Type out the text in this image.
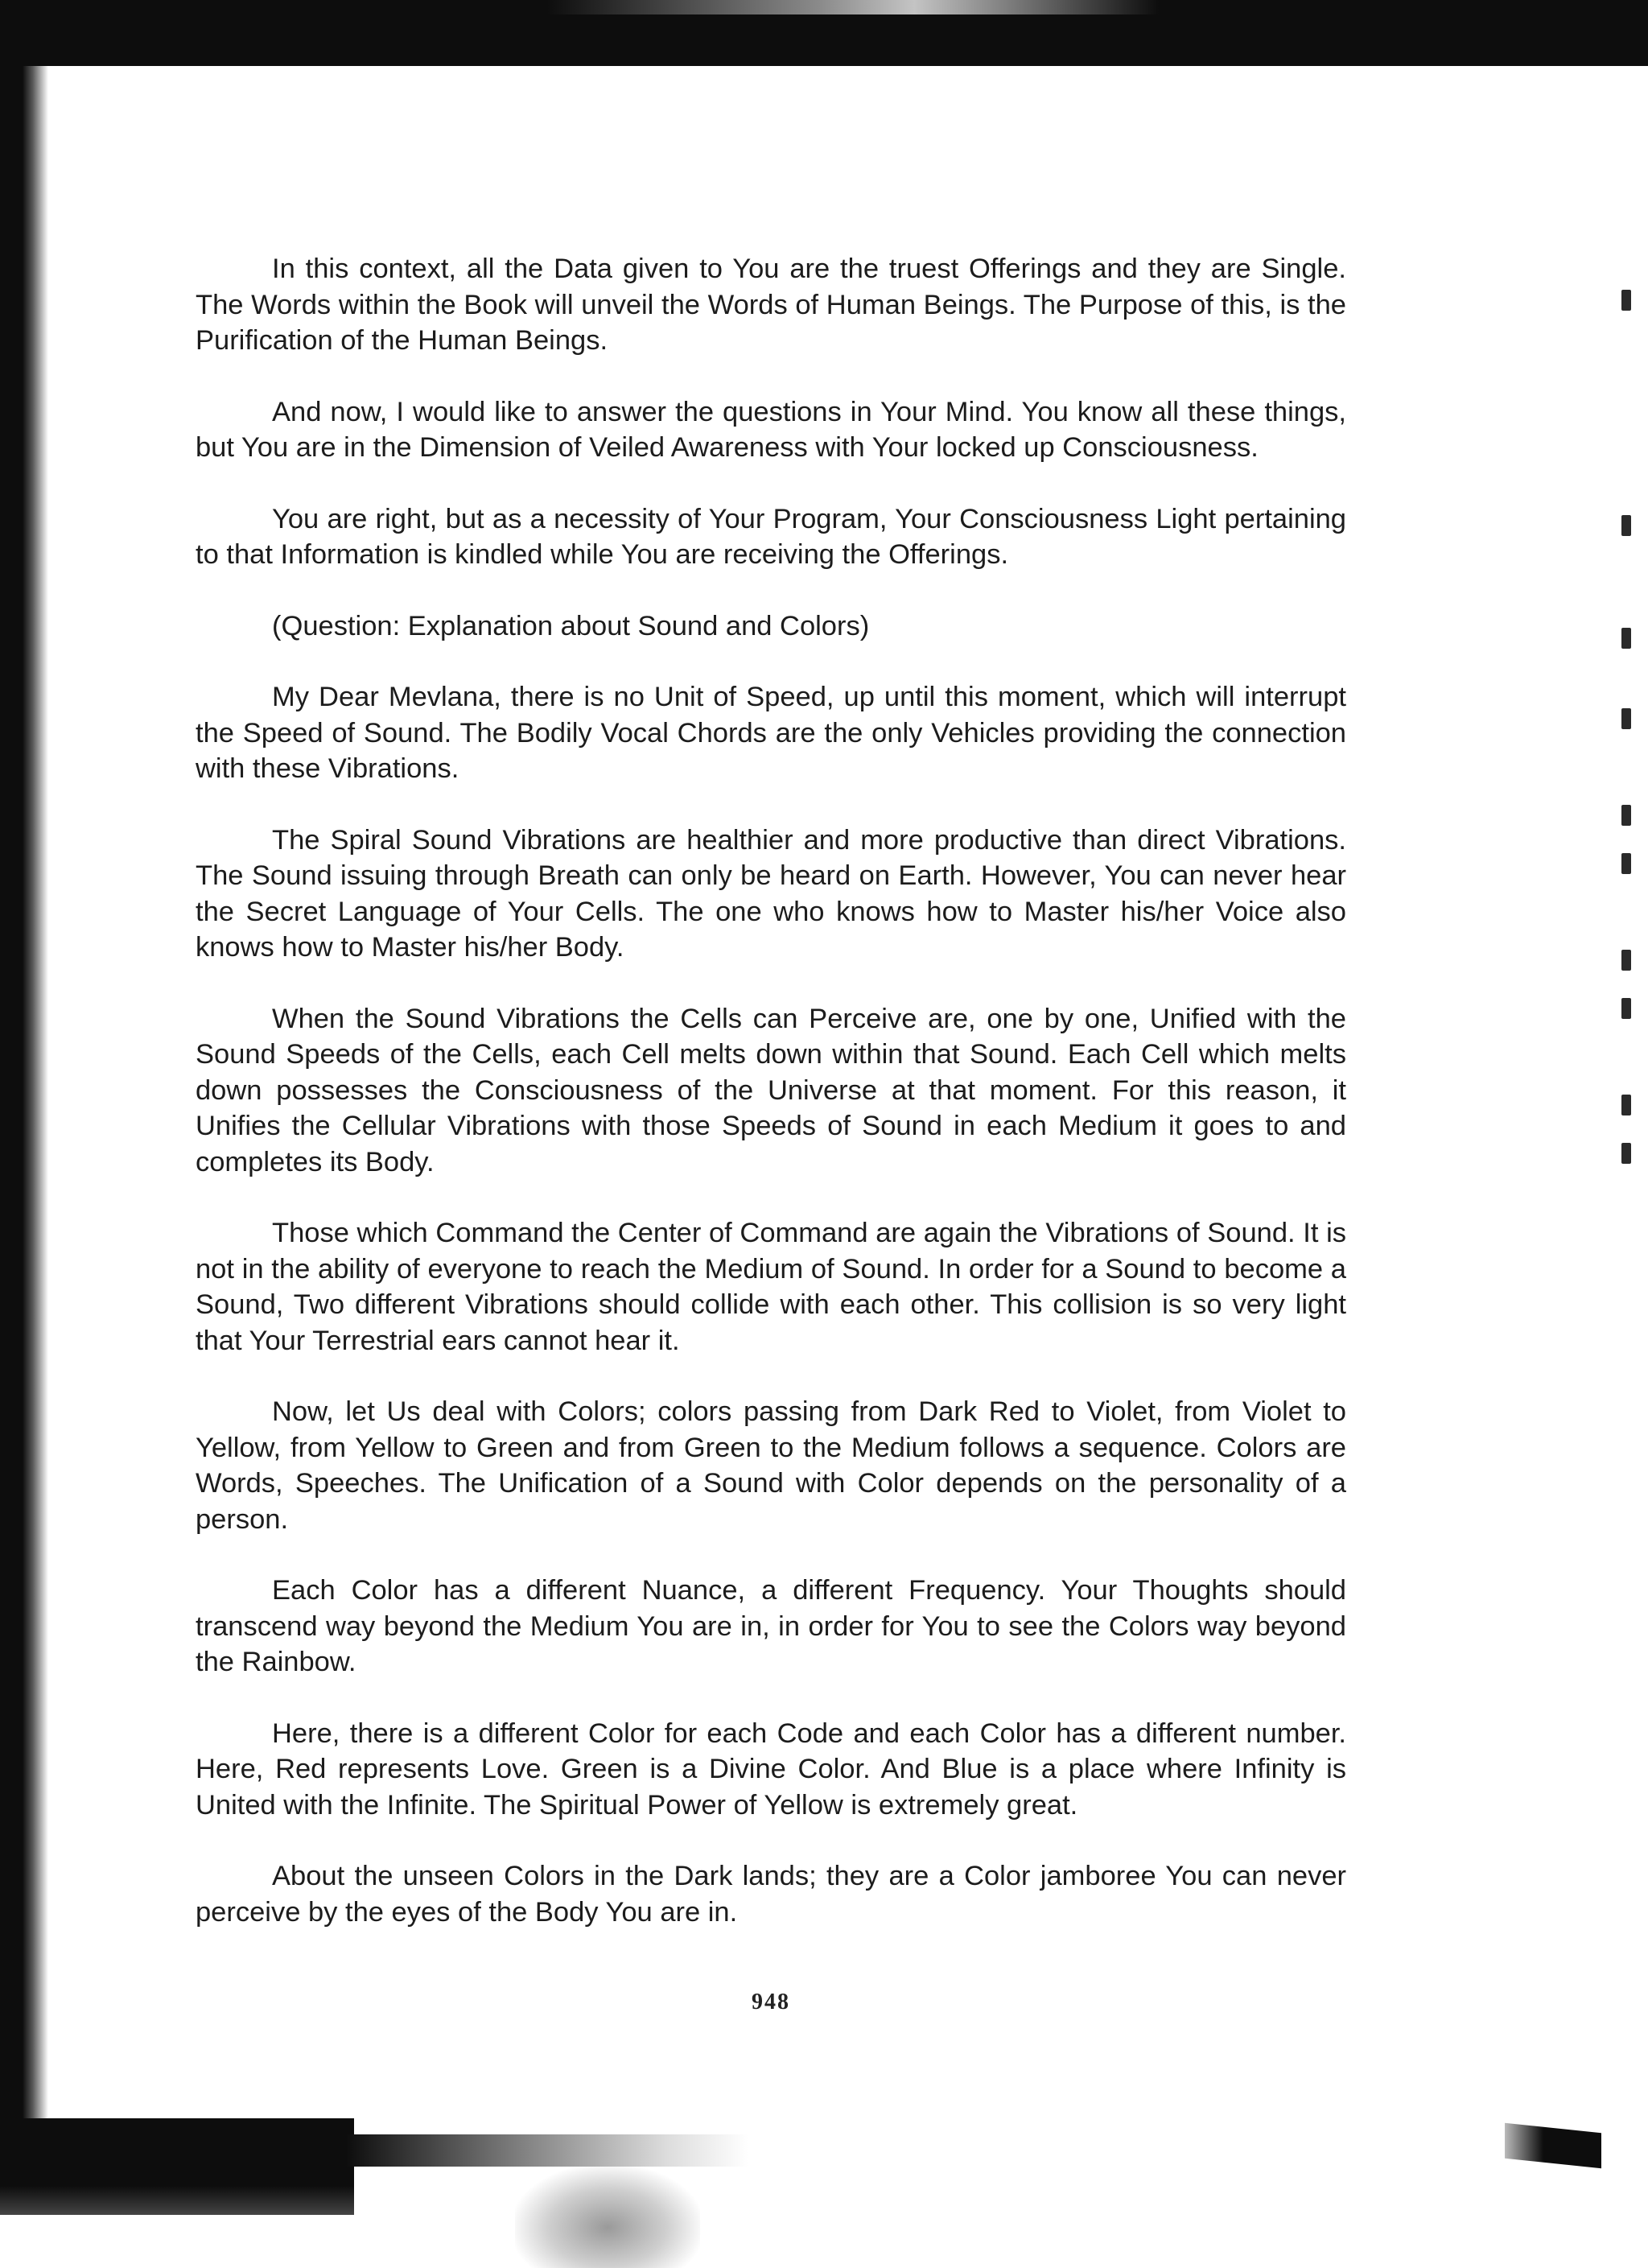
In this context, all the Data given to You are the truest Offerings and they are Single. The Words within the Book will unveil the Words of Human Beings. The Purpose of this, is the Purification of the Human Beings.

And now, I would like to answer the questions in Your Mind. You know all these things, but You are in the Dimension of Veiled Awareness with Your locked up Consciousness.

You are right, but as a necessity of Your Program, Your Consciousness Light pertaining to that Information is kindled while You are receiving the Offerings.

(Question: Explanation about Sound and Colors)

My Dear Mevlana, there is no Unit of Speed, up until this moment, which will interrupt the Speed of Sound. The Bodily Vocal Chords are the only Vehicles providing the connection with these Vibrations.

The Spiral Sound Vibrations are healthier and more productive than direct Vibrations. The Sound issuing through Breath can only be heard on Earth. However, You can never hear the Secret Language of Your Cells. The one who knows how to Master his/her Voice also knows how to Master his/her Body.

When the Sound Vibrations the Cells can Perceive are, one by one, Unified with the Sound Speeds of the Cells, each Cell melts down within that Sound. Each Cell which melts down possesses the Consciousness of the Universe at that moment. For this reason, it Unifies the Cellular Vibrations with those Speeds of Sound in each Medium it goes to and completes its Body.

Those which Command the Center of Command are again the Vibrations of Sound. It is not in the ability of everyone to reach the Medium of Sound. In order for a Sound to become a Sound, Two different Vibrations should collide with each other. This collision is so very light that Your Terrestrial ears cannot hear it.

Now, let Us deal with Colors; colors passing from Dark Red to Violet, from Violet to Yellow, from Yellow to Green and from Green to the Medium follows a sequence. Colors are Words, Speeches. The Unification of a Sound with Color depends on the personality of a person.

Each Color has a different Nuance, a different Frequency. Your Thoughts should transcend way beyond the Medium You are in, in order for You to see the Colors way beyond the Rainbow.

Here, there is a different Color for each Code and each Color has a different number. Here, Red represents Love. Green is a Divine Color. And Blue is a place where Infinity is United with the Infinite. The Spiritual Power of Yellow is extremely great.

About the unseen Colors in the Dark lands; they are a Color jamboree You can never perceive by the eyes of the Body You are in.

948
